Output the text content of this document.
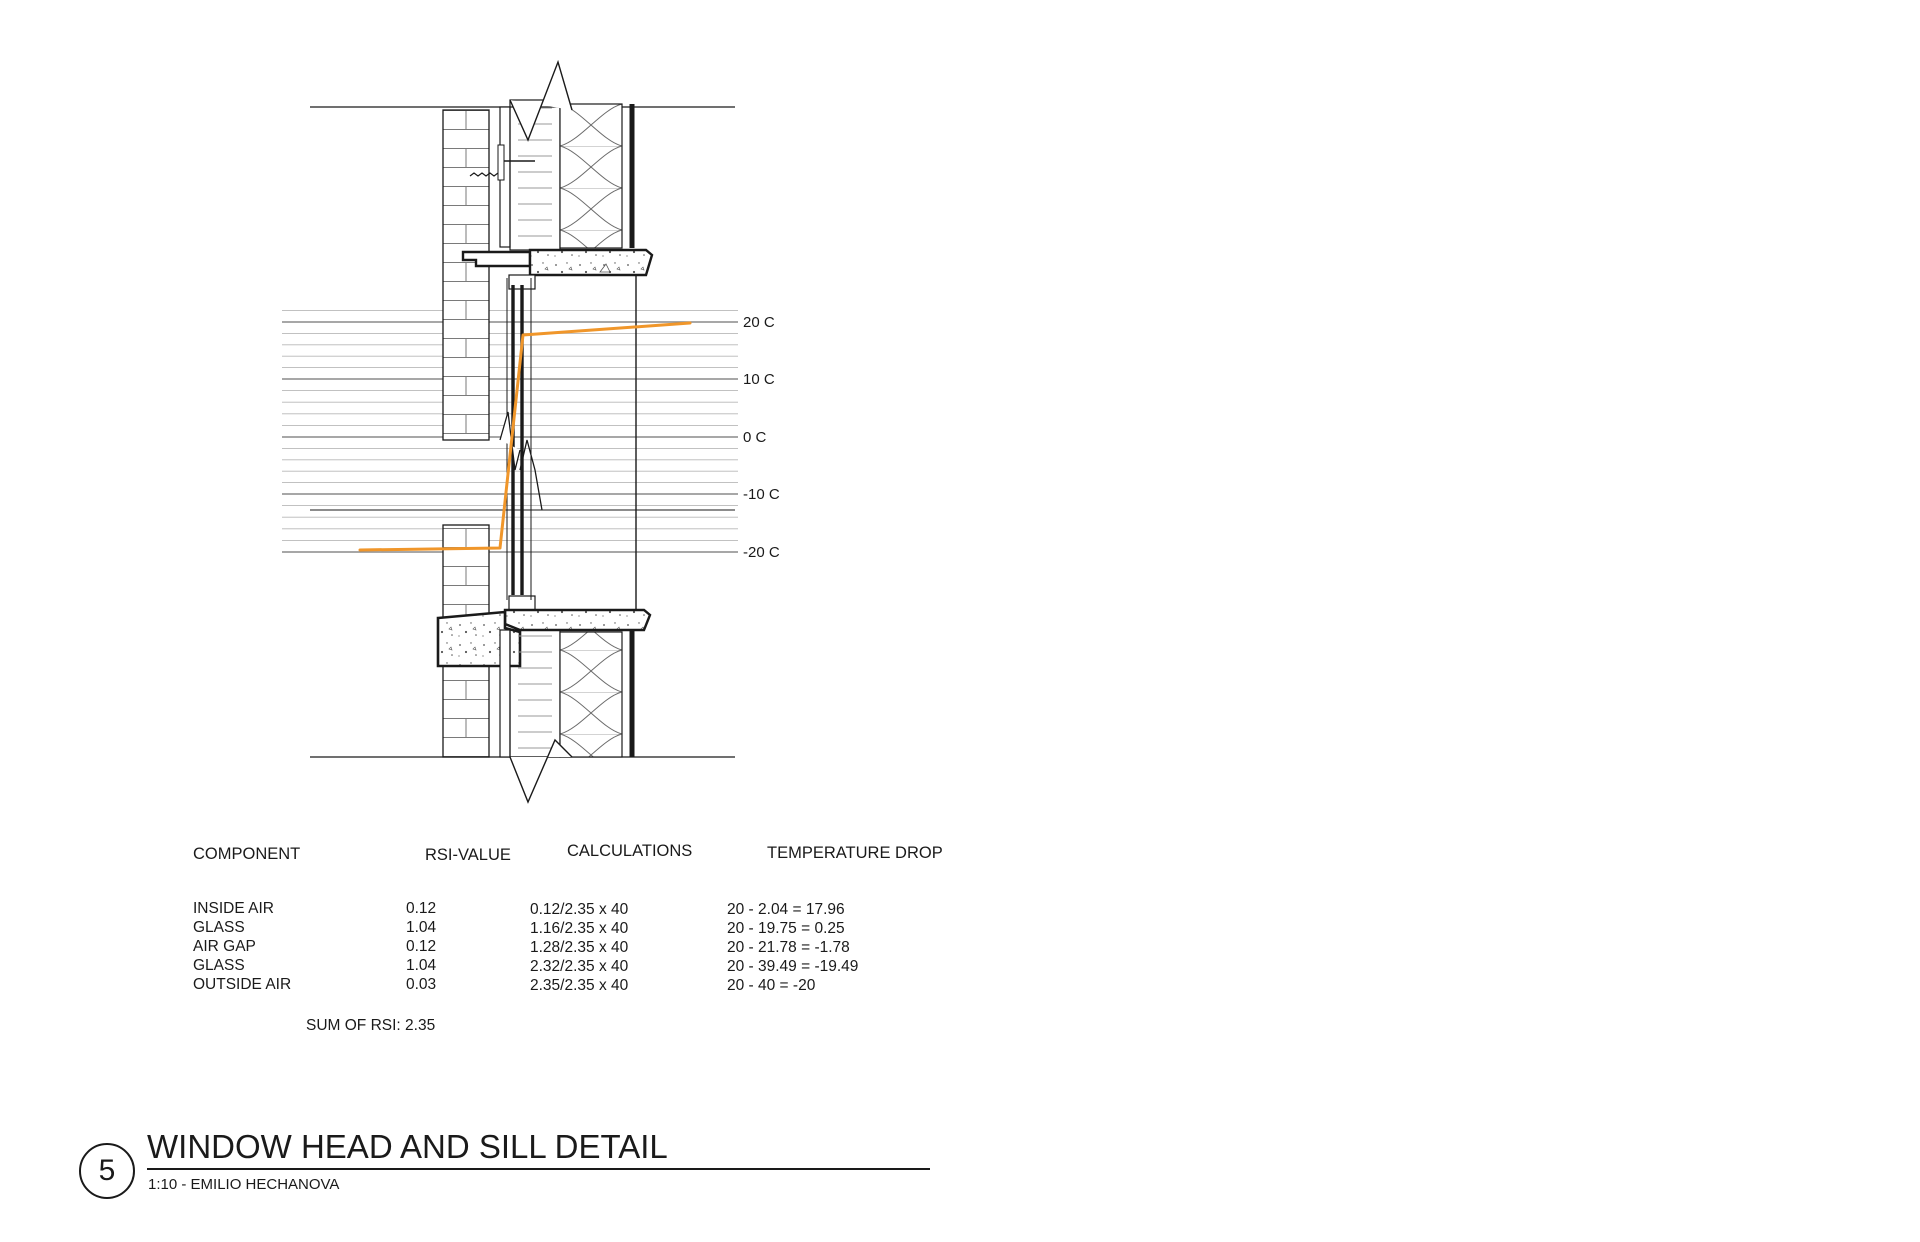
20 C
10 C
0 C
-10 C
-20 C
COMPONENT	RSI-VALUE	CALCULATIONS	TEMPERATURE DROP
INSIDE AIR	0.12	0.12/2.35 x 40	20 - 2.04 = 17.96
GLASS	1.04	1.16/2.35 x 40	20 - 19.75 = 0.25
AIR GAP	0.12	1.28/2.35 x 40	20 - 21.78 = -1.78
GLASS	1.04	2.32/2.35 x 40	20 - 39.49 = -19.49
OUTSIDE AIR	0.03	2.35/2.35 x 40	20 - 40 = -20
SUM OF RSI: 2.35
5
WINDOW HEAD AND SILL DETAIL
1:10 - EMILIO HECHANOVA
